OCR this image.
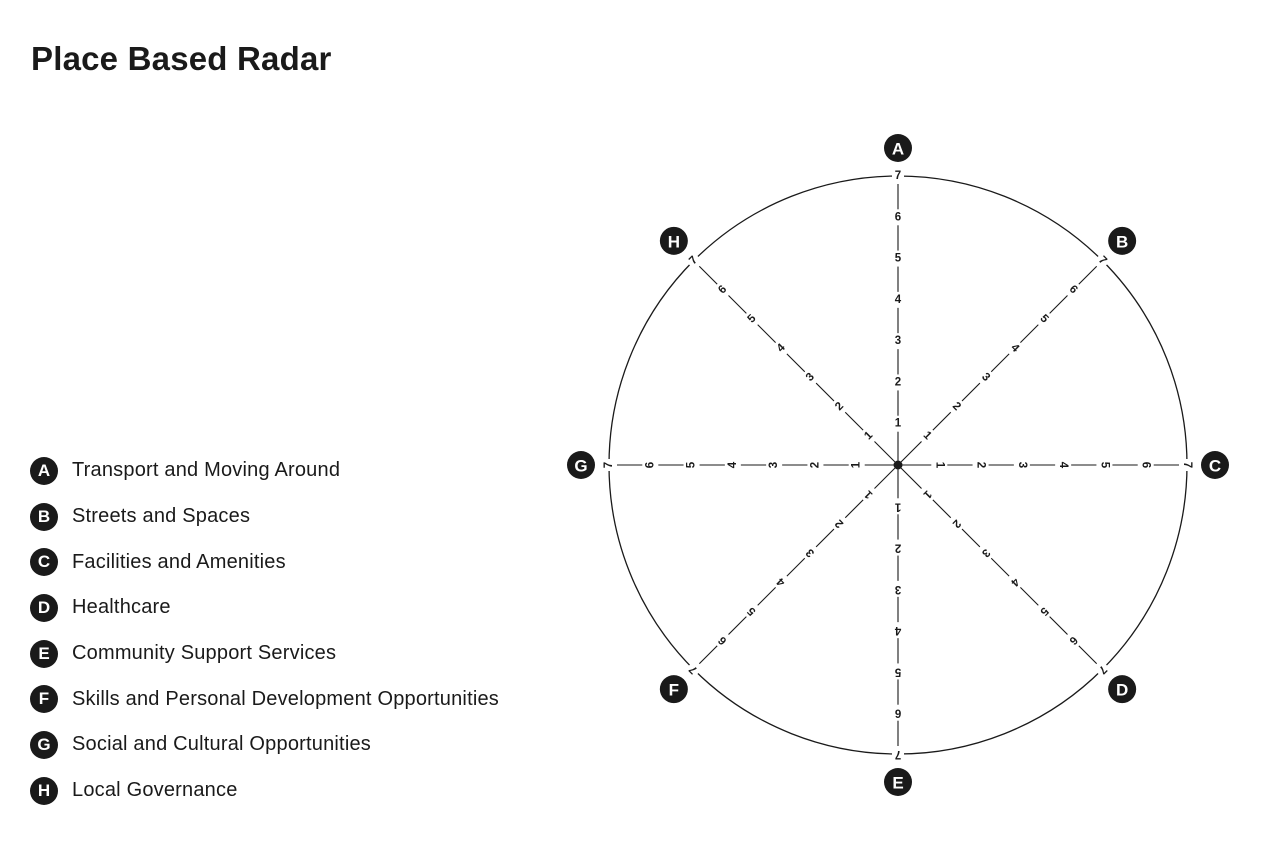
Place Based Radar
A	Transport and Moving Around
B	Streets and Spaces
C	Facilities and Amenities
D	Healthcare
E	Community Support Services
F	Skills and Personal Development Opportunities
G	Social and Cultural Opportunities
H	Local Governance
1
2
3
4
5
6
7
A
1
2
3
4
5
6
7
B
1	2	3	4	5	6	7 C
1
2
3
4
5
6
7
D
1
2
3
4
5
6
7
E
1
2
3
4
5
6
7
F
1
2
3
4
5
6
7
G
1
2
3
4
5
6
7
H
